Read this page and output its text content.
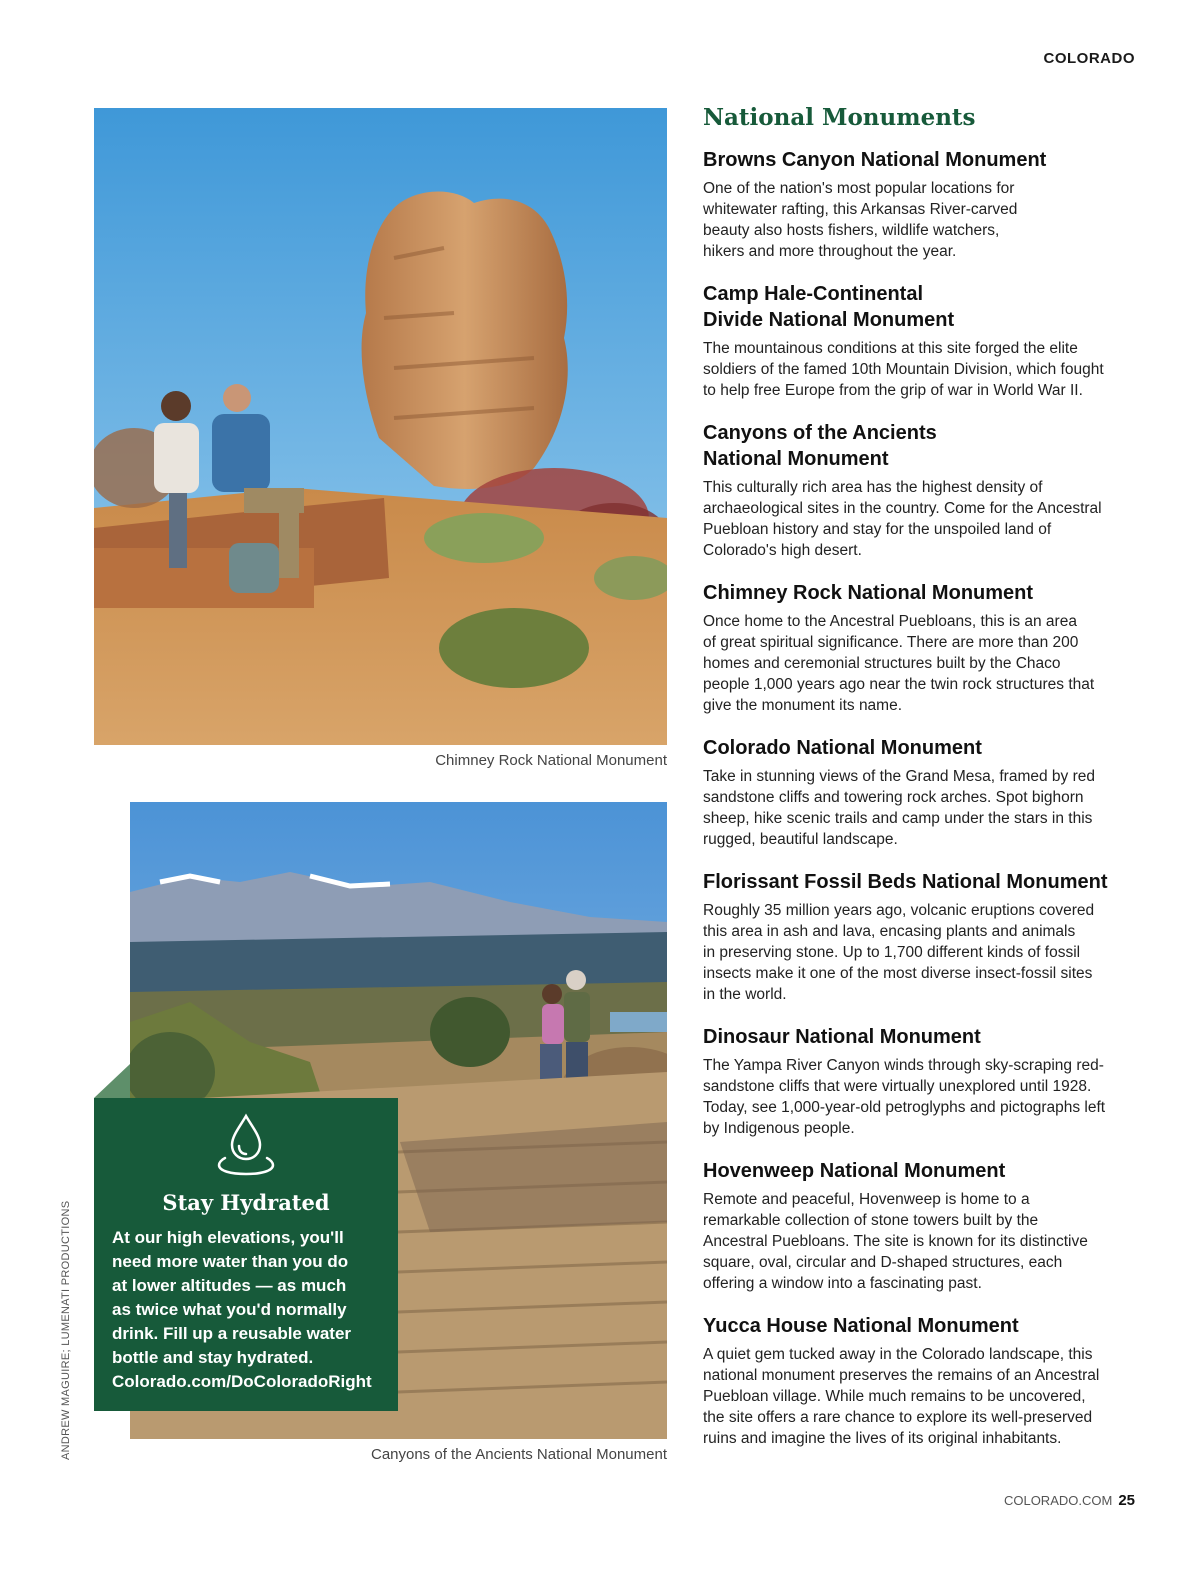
COLORADO
Chimney Rock National Monument
Canyons of the Ancients National Monument
ANDREW MAGUIRE; LUMENATI PRODUCTIONS	Stay Hydrated

At our high elevations, you'll

need more water than you do

at lower altitudes — as much

as twice what you'd normally

drink. Fill up a reusable water

bottle and stay hydrated.

Colorado.com/DoColoradoRight

National Monuments
Browns Canyon National Monument

One of the nation's most popular locations for
whitewater rafting, this Arkansas River-carved
beauty also hosts fishers, wildlife watchers,
hikers and more throughout the year.

Camp Hale-Continental
Divide National Monument

The mountainous conditions at this site forged the elite
soldiers of the famed 10th Mountain Division, which fought
to help free Europe from the grip of war in World War II.

Canyons of the Ancients
National Monument

This culturally rich area has the highest density of
archaeological sites in the country. Come for the Ancestral
Puebloan history and stay for the unspoiled land of
Colorado's high desert.

Chimney Rock National Monument

Once home to the Ancestral Puebloans, this is an area
of great spiritual significance. There are more than 200
homes and ceremonial structures built by the Chaco
people 1,000 years ago near the twin rock structures that
give the monument its name.

Colorado National Monument

Take in stunning views of the Grand Mesa, framed by red
sandstone cliffs and towering rock arches. Spot bighorn
sheep, hike scenic trails and camp under the stars in this
rugged, beautiful landscape.

Florissant Fossil Beds National Monument

Roughly 35 million years ago, volcanic eruptions covered
this area in ash and lava, encasing plants and animals
in preserving stone. Up to 1,700 different kinds of fossil
insects make it one of the most diverse insect-fossil sites
in the world.

Dinosaur National Monument

The Yampa River Canyon winds through sky-scraping red-
sandstone cliffs that were virtually unexplored until 1928.
Today, see 1,000-year-old petroglyphs and pictographs left
by Indigenous people.

Hovenweep National Monument

Remote and peaceful, Hovenweep is home to a
remarkable collection of stone towers built by the
Ancestral Puebloans. The site is known for its distinctive
square, oval, circular and D-shaped structures, each
offering a window into a fascinating past.

Yucca House National Monument

A quiet gem tucked away in the Colorado landscape, this
national monument preserves the remains of an Ancestral
Puebloan village. While much remains to be uncovered,
the site offers a rare chance to explore its well-preserved
ruins and imagine the lives of its original inhabitants.

COLORADO.COM 25
